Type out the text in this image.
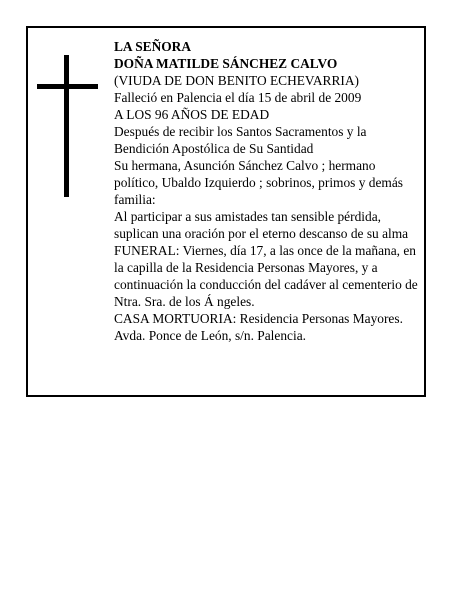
LA SEÑORA
DOÑA MATILDE SÁNCHEZ CALVO
(VIUDA DE DON BENITO ECHEVARRIA)
Falleció en Palencia el día 15 de abril de 2009
A LOS 96 AÑOS DE EDAD
Después de recibir los Santos Sacramentos y la Bendición Apostólica de Su Santidad
Su hermana, Asunción Sánchez Calvo ; hermano político, Ubaldo Izquierdo ; sobrinos, primos y demás familia:
Al participar a sus amistades tan sensible pérdida, suplican una oración por el eterno descanso de su alma
FUNERAL: Viernes, día 17, a las once de la mañana, en la capilla de la Residencia Personas Mayores, y a continuación la conducción del cadáver al cementerio de Ntra. Sra. de los Á ngeles.
CASA MORTUORIA: Residencia Personas Mayores. Avda. Ponce de León, s/n. Palencia.
